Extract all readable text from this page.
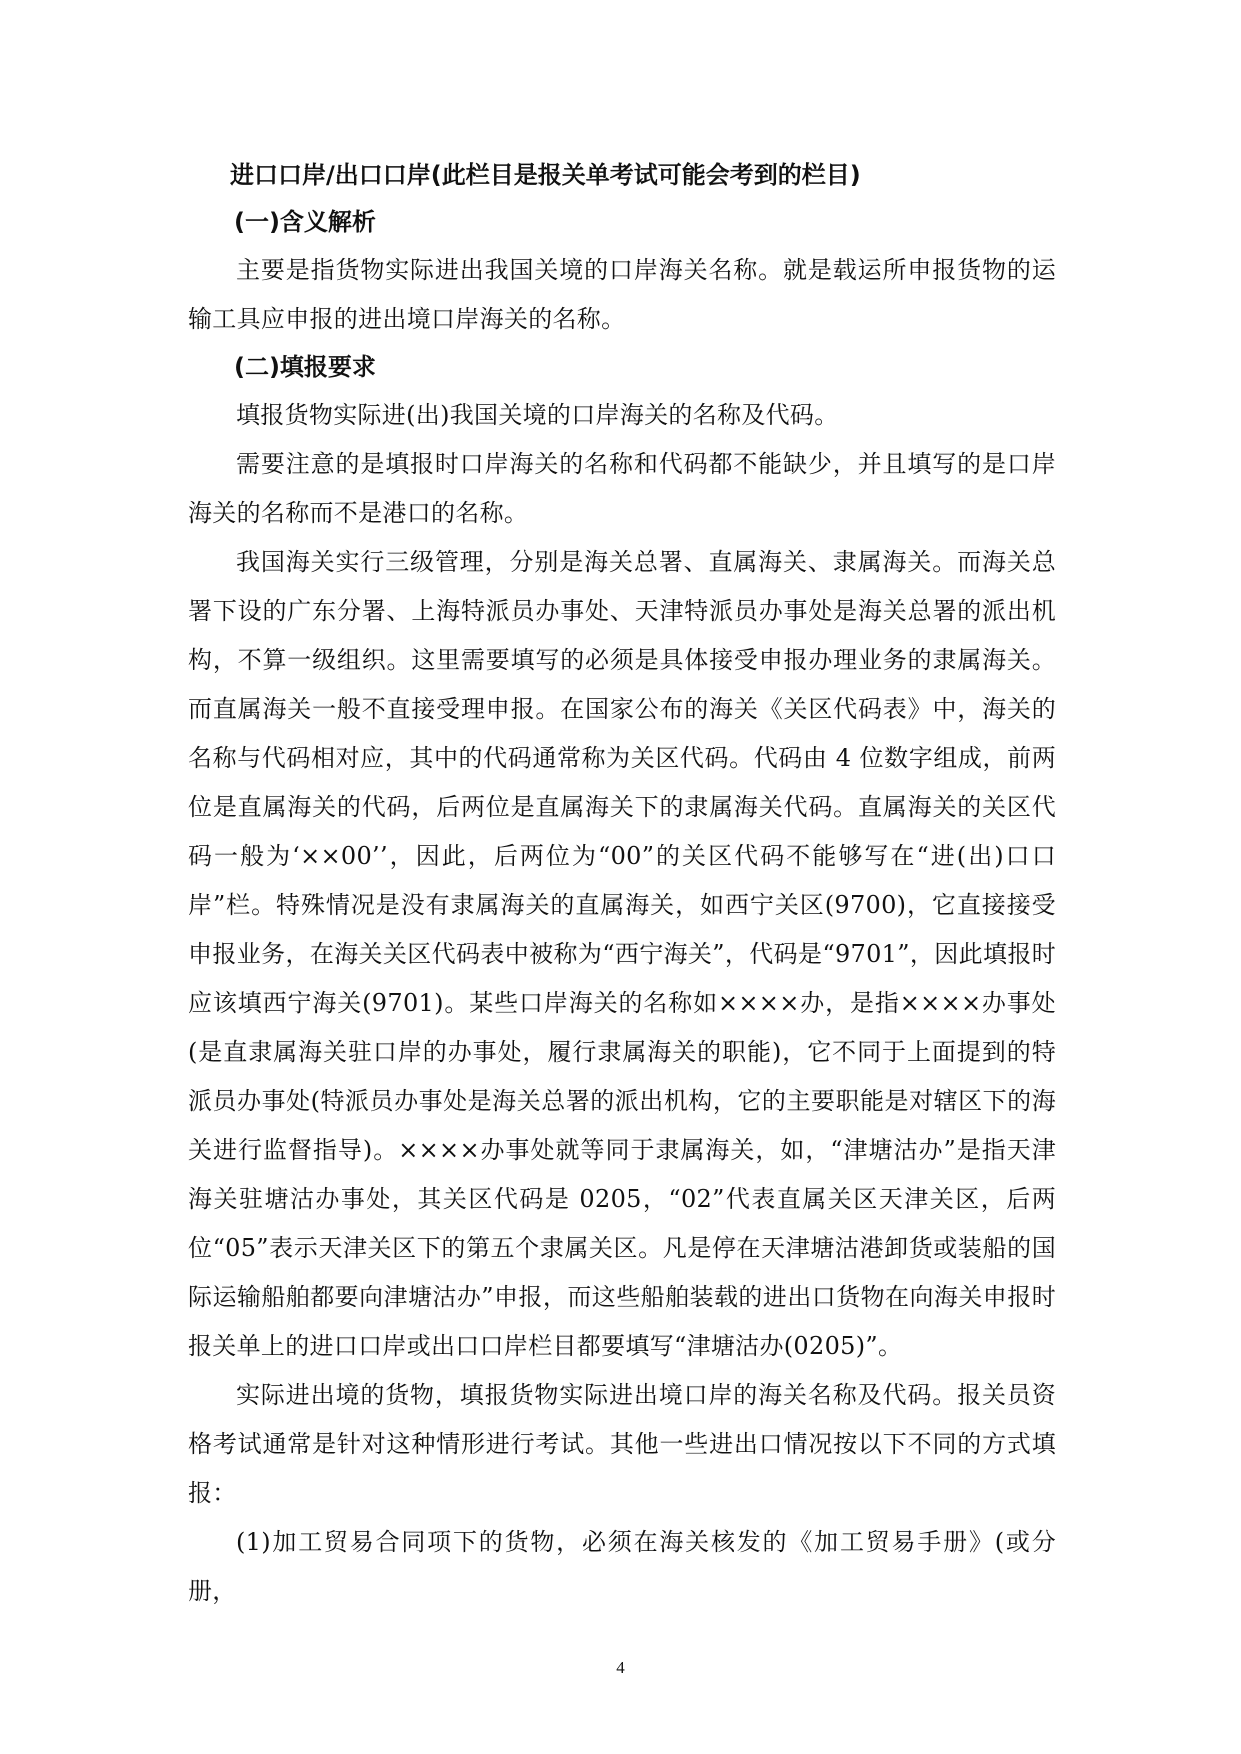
进口口岸/出口口岸(此栏目是报关单考试可能会考到的栏目)

(一)含义解析

主要是指货物实际进出我国关境的口岸海关名称。就是载运所申报货物的运输工具应申报的进出境口岸海关的名称。

(二)填报要求

填报货物实际进(出)我国关境的口岸海关的名称及代码。

需要注意的是填报时口岸海关的名称和代码都不能缺少，并且填写的是口岸海关的名称而不是港口的名称。

我国海关实行三级管理，分别是海关总署、直属海关、隶属海关。而海关总署下设的广东分署、上海特派员办事处、天津特派员办事处是海关总署的派出机构，不算一级组织。这里需要填写的必须是具体接受申报办理业务的隶属海关。而直属海关一般不直接受理申报。在国家公布的海关《关区代码表》中，海关的名称与代码相对应，其中的代码通常称为关区代码。代码由 4 位数字组成，前两位是直属海关的代码，后两位是直属海关下的隶属海关代码。直属海关的关区代码一般为‘××00’’，因此，后两位为“00”的关区代码不能够写在“进(出)口口岸”栏。特殊情况是没有隶属海关的直属海关，如西宁关区(9700)，它直接接受申报业务，在海关关区代码表中被称为“西宁海关”，代码是“9701”，因此填报时应该填西宁海关(9701)。某些口岸海关的名称如××××办，是指××××办事处(是直隶属海关驻口岸的办事处，履行隶属海关的职能)，它不同于上面提到的特派员办事处(特派员办事处是海关总署的派出机构，它的主要职能是对辖区下的海关进行监督指导)。××××办事处就等同于隶属海关，如，“津塘沽办”是指天津海关驻塘沽办事处，其关区代码是 0205，“02”代表直属关区天津关区，后两位“05”表示天津关区下的第五个隶属关区。凡是停在天津塘沽港卸货或装船的国际运输船舶都要向津塘沽办”申报，而这些船舶装载的进出口货物在向海关申报时报关单上的进口口岸或出口口岸栏目都要填写“津塘沽办(0205)”。

实际进出境的货物，填报货物实际进出境口岸的海关名称及代码。报关员资格考试通常是针对这种情形进行考试。其他一些进出口情况按以下不同的方式填报：

(1)加工贸易合同项下的货物，必须在海关核发的《加工贸易手册》(或分册，

4
